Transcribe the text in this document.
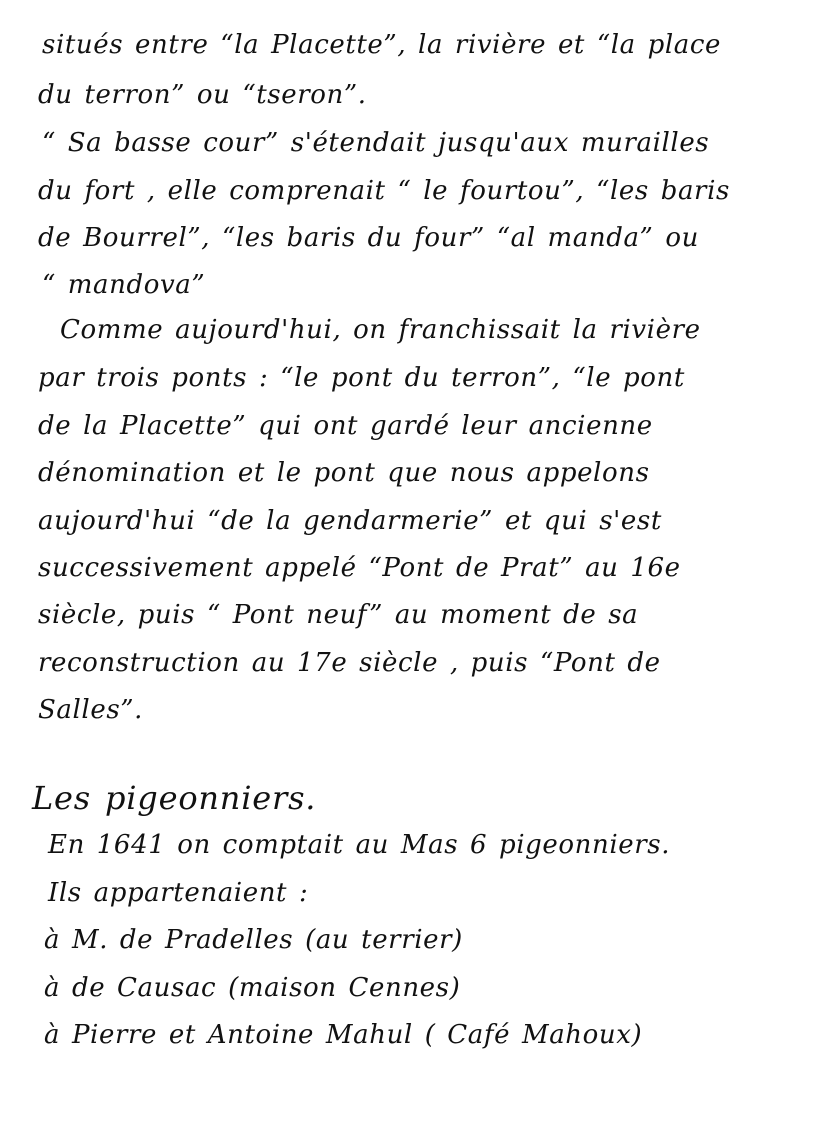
situés entre “la Placette”, la rivière et “la place
du terron” ou “tseron”.
“ Sa basse cour” s'étendait jusqu'aux murailles
du fort , elle comprenait “ le fourtou”, “les baris
de Bourrel”, “les baris du four” “al manda” ou
“ mandova”
Comme aujourd'hui, on franchissait la rivière
par trois ponts : “le pont du terron”, “le pont
de la Placette” qui ont gardé leur ancienne
dénomination et le pont que nous appelons
aujourd'hui “de la gendarmerie” et qui s'est
successivement appelé “Pont de Prat” au 16e
siècle, puis “ Pont neuf” au moment de sa
reconstruction au 17e siècle , puis “Pont de
Salles”.
Les pigeonniers.
En 1641 on comptait au Mas 6 pigeonniers.
Ils appartenaient :
à M. de Pradelles (au terrier)
à de Causac (maison Cennes)
à Pierre et Antoine Mahul ( Café Mahoux)
